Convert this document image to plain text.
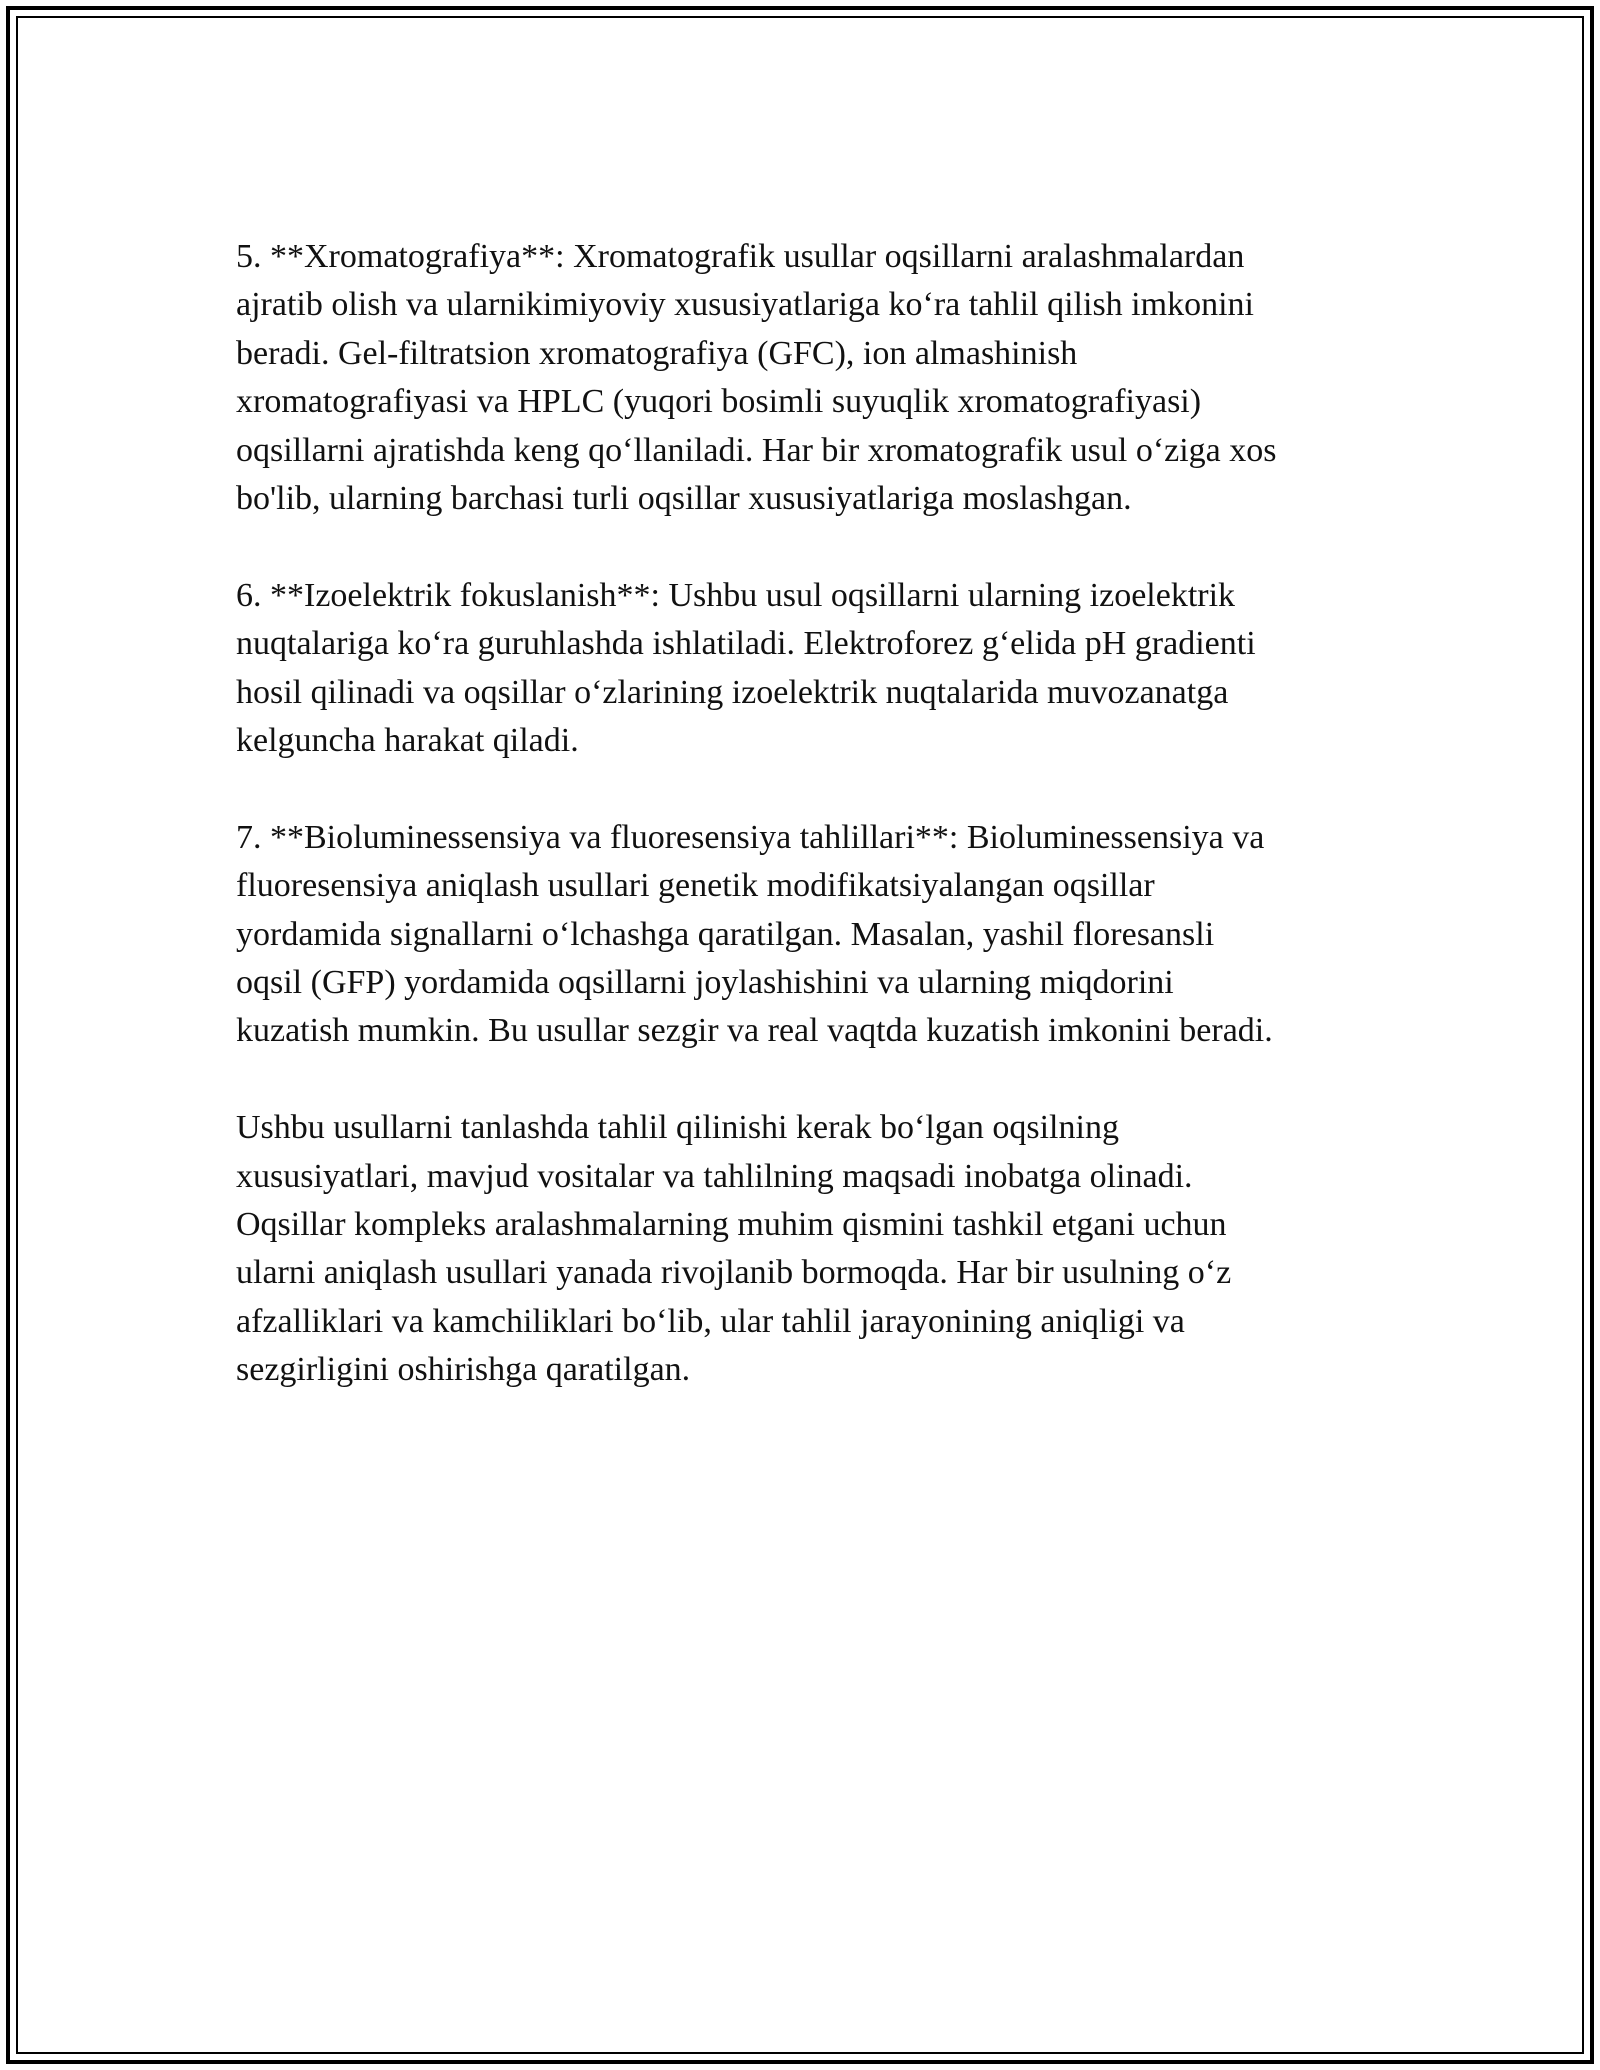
5. **Xromatografiya**: Xromatografik usullar oqsillarni aralashmalardan
ajratib olish va ularnikimiyoviy xususiyatlariga ko‘ra tahlil qilish imkonini
beradi. Gel-filtratsion xromatografiya (GFC), ion almashinish
xromatografiyasi va HPLC (yuqori bosimli suyuqlik xromatografiyasi)
oqsillarni ajratishda keng qo‘llaniladi. Har bir xromatografik usul o‘ziga xos
bo'lib, ularning barchasi turli oqsillar xususiyatlariga moslashgan.

6. **Izoelektrik fokuslanish**: Ushbu usul oqsillarni ularning izoelektrik
nuqtalariga ko‘ra guruhlashda ishlatiladi. Elektroforez g‘elida pH gradienti
hosil qilinadi va oqsillar o‘zlarining izoelektrik nuqtalarida muvozanatga
kelguncha harakat qiladi.

7. **Bioluminessensiya va fluoresensiya tahlillari**: Bioluminessensiya va
fluoresensiya aniqlash usullari genetik modifikatsiyalangan oqsillar
yordamida signallarni o‘lchashga qaratilgan. Masalan, yashil floresansli
oqsil (GFP) yordamida oqsillarni joylashishini va ularning miqdorini
kuzatish mumkin. Bu usullar sezgir va real vaqtda kuzatish imkonini beradi.

Ushbu usullarni tanlashda tahlil qilinishi kerak bo‘lgan oqsilning
xususiyatlari, mavjud vositalar va tahlilning maqsadi inobatga olinadi.
Oqsillar kompleks aralashmalarning muhim qismini tashkil etgani uchun
ularni aniqlash usullari yanada rivojlanib bormoqda. Har bir usulning o‘z
afzalliklari va kamchiliklari bo‘lib, ular tahlil jarayonining aniqligi va
sezgirligini oshirishga qaratilgan.
